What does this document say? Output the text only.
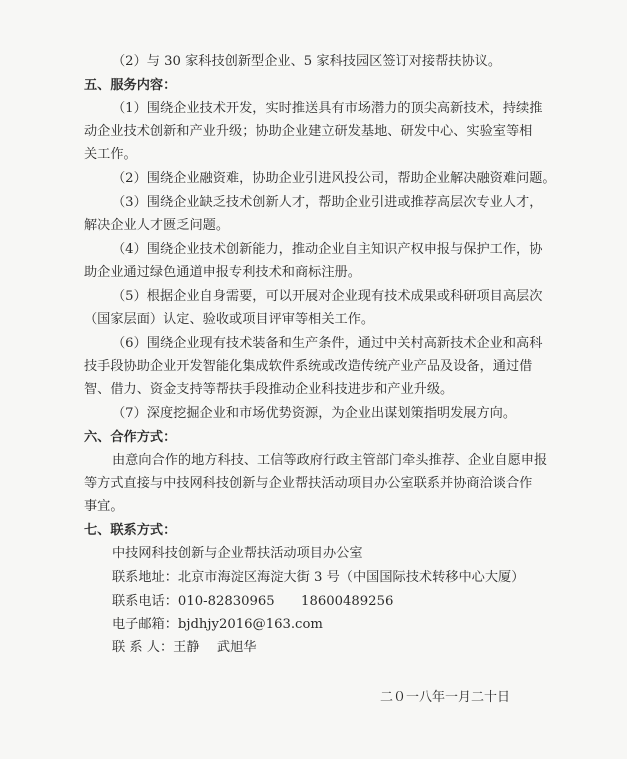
（2）与 30 家科技创新型企业、5 家科技园区签订对接帮扶协议。
五、服务内容：
（1）围绕企业技术开发，实时推送具有市场潜力的顶尖高新技术，持续推
动企业技术创新和产业升级；协助企业建立研发基地、研发中心、实验室等相
关工作。
（2）围绕企业融资难，协助企业引进风投公司，帮助企业解决融资难问题。
（3）围绕企业缺乏技术创新人才，帮助企业引进或推荐高层次专业人才，
解决企业人才匮乏问题。
（4）围绕企业技术创新能力，推动企业自主知识产权申报与保护工作，协
助企业通过绿色通道申报专利技术和商标注册。
（5）根据企业自身需要，可以开展对企业现有技术成果或科研项目高层次
（国家层面）认定、验收或项目评审等相关工作。
（6）围绕企业现有技术装备和生产条件，通过中关村高新技术企业和高科
技手段协助企业开发智能化集成软件系统或改造传统产业产品及设备，通过借
智、借力、资金支持等帮扶手段推动企业科技进步和产业升级。
（7）深度挖掘企业和市场优势资源，为企业出谋划策指明发展方向。
六、合作方式：
由意向合作的地方科技、工信等政府行政主管部门牵头推荐、企业自愿申报
等方式直接与中技网科技创新与企业帮扶活动项目办公室联系并协商洽谈合作
事宜。
七、联系方式：
中技网科技创新与企业帮扶活动项目办公室
联系地址：北京市海淀区海淀大街 3 号（中国国际技术转移中心大厦）
联系电话：010-82830965　　18600489256
电子邮箱：bjdhjy2016@163.com
联 系 人：王静　 武旭华
二０一八年一月二十日
